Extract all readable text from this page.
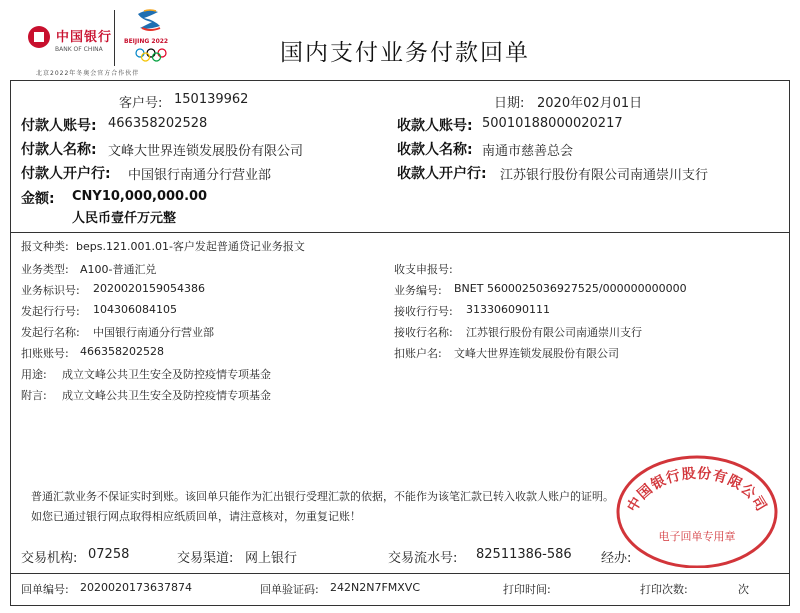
中国银行
BANK OF CHINA
BEIJING 2022
北京2022年冬奥会官方合作伙伴
国内支付业务付款回单
客户号: 150139962	日期: 2020年02月01日
付款人账号: 466358202528	收款人账号: 50010188000020217
付款人名称: 文峰大世界连锁发展股份有限公司	收款人名称: 南通市慈善总会
付款人开户行: 中国银行南通分行营业部	收款人开户行: 江苏银行股份有限公司南通崇川支行
金额: CNY10,000,000.00
人民币壹仟万元整
报文种类: beps.121.001.01-客户发起普通贷记业务报文
业务类型: A100-普通汇兑	收支申报号:
业务标识号: 2020020159054386	业务编号: BNET 5600025036927525/000000000000
发起行行号: 104306084105	接收行行号: 313306090111
发起行名称: 中国银行南通分行营业部	接收行名称: 江苏银行股份有限公司南通崇川支行
扣账账号: 466358202528	扣账户名: 文峰大世界连锁发展股份有限公司
用途: 成立文峰公共卫生安全及防控疫情专项基金
附言: 成立文峰公共卫生安全及防控疫情专项基金
普通汇款业务不保证实时到账。该回单只能作为汇出银行受理汇款的依据，不能作为该笔汇款已转入收款人账户的证明。
如您已通过银行网点取得相应纸质回单，请注意核对，勿重复记账！
交易机构: 07258	交易渠道: 网上银行	交易流水号: 82511386-586 经办:
回单编号: 2020020173637874	回单验证码: 242N2N7FMXVC	打印时间:	打印次数:	次
中国银行股份有限公司
电子回单专用章
